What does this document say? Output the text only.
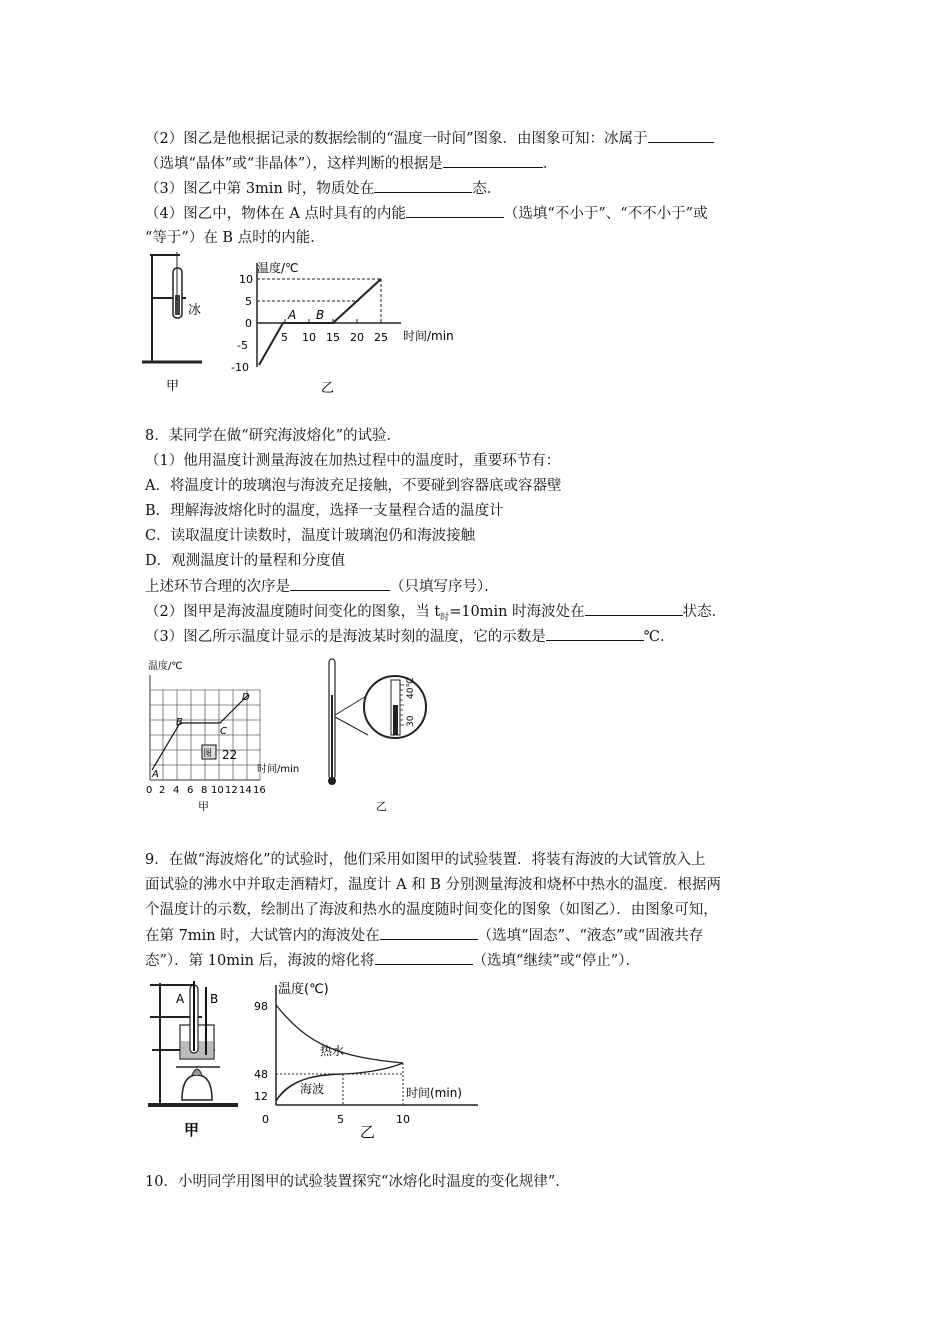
（2）图乙是他根据记录的数据绘制的“温度一时间”图象．由图象可知：冰属于
（选填“晶体”或“非晶体”），这样判断的根据是	．
（3）图乙中第 3min 时，物质处在	态．
（4）图乙中，物体在 A 点时具有的内能	（选填“不小于”、“不不小于”或
“等于”）在 B 点时的内能．
冰
甲
温度/℃
时间/min
10
5
0
-5
-10
5 10 15 20 25
A B
乙
8．某同学在做“研究海波熔化”的试验．
（1）他用温度计测量海波在加热过程中的温度时，重要环节有：
A．将温度计的玻璃泡与海波充足接触，不要碰到容器底或容器壁
B．理解海波熔化时的温度，选择一支量程合适的温度计
C．读取温度计读数时，温度计玻璃泡仍和海波接触
D．观测温度计的量程和分度值
上述环节合理的次序是	（只填写序号）．
（2）图甲是海波温度随时间变化的图象，当 $t_时=10\min$ 时海波处在	状态．
（3）图乙所示温度计显示的是海波某时刻的温度，它的示数是	℃．
图 22
温度/℃
时间/min
A
B
C
D
0 2 4 6 8 10 12 14 16
甲
40℃
30
乙
9．在做“海波熔化”的试验时，他们采用如图甲的试验装置．将装有海波的大试管放入上
面试验的沸水中并取走酒精灯，温度计 A 和 B 分别测量海波和烧杯中热水的温度．根据两
个温度计的示数，绘制出了海波和热水的温度随时间变化的图象（如图乙）．由图象可知，
在第 7min 时，大试管内的海波处在	（选填“固态”、“液态”或“固液共存
态”）．第 10min 后，海波的熔化将	（选填“继续”或“停止”）．
A B
甲
温度(℃)
98
48
12
热水
海波	时间(min)
0	5	10
乙
10．小明同学用图甲的试验装置探究“冰熔化时温度的变化规律”．
